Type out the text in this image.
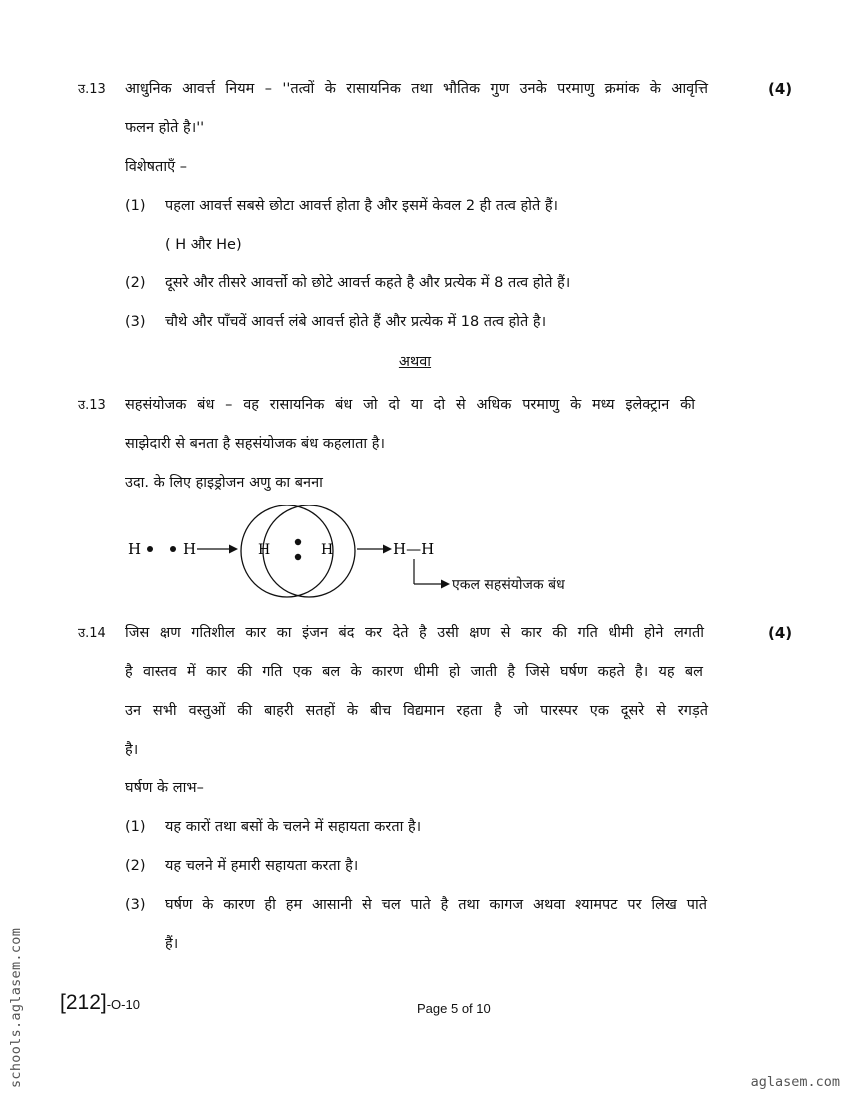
उ.13 आधुनिक आवर्त्त नियम – ''तत्वों के रासायनिक तथा भौतिक गुण उनके परमाणु क्रमांक के आवृत्ति	(4)
फलन होते है।''
विशेषताएँ –
(1) पहला आवर्त्त सबसे छोटा आवर्त्त होता है और इसमें केवल 2 ही तत्व होते हैं।
( H और He)
(2) दूसरे और तीसरे आवर्त्तो को छोटे आवर्त्त कहते है और प्रत्येक में 8 तत्व होते हैं।
(3) चौथे और पाँचवें आवर्त्त लंबे आवर्त्त होते हैं और प्रत्येक में 18 तत्व होते है।
अथवा
उ.13 सहसंयोजक बंध – वह रासायनिक बंध जो दो या दो से अधिक परमाणु के मध्य इलेक्ट्रान की
साझेदारी से बनता है सहसंयोजक बंध कहलाता है।
उदा. के लिए हाइड्रोजन अणु का बनना
H	H	H	H	H—H
एकल सहसंयोजक बंध
उ.14 जिस क्षण गतिशील कार का इंजन बंद कर देते है उसी क्षण से कार की गति धीमी होने लगती	(4)
है वास्तव में कार की गति एक बल के कारण धीमी हो जाती है जिसे घर्षण कहते है। यह बल
उन सभी वस्तुओं की बाहरी सतहों के बीच विद्यमान रहता है जो पारस्पर एक दूसरे से रगड़ते
है।
घर्षण के लाभ–
(1) यह कारों तथा बसों के चलने में सहायता करता है।
(2) यह चलने में हमारी सहायता करता है।
(3) घर्षण के कारण ही हम आसानी से चल पाते है तथा कागज अथवा श्यामपट पर लिख पाते
हैं।
[212]-O-10	Page 5 of 10
schools.aglasem.com	aglasem.com
